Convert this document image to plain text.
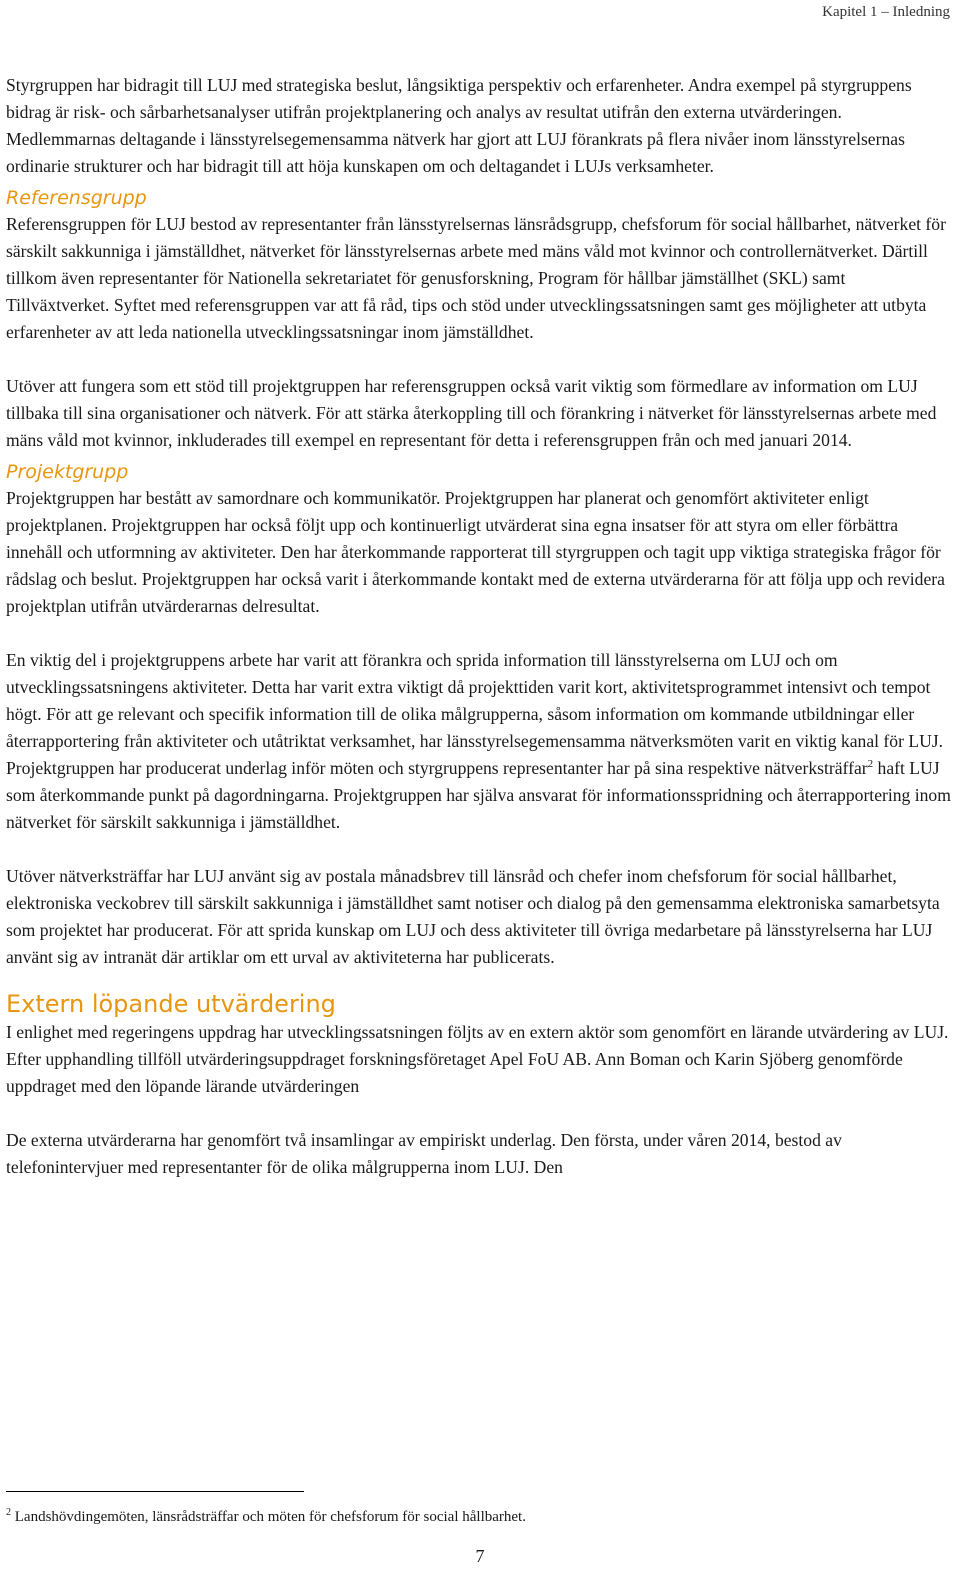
Kapitel 1 – Inledning

Styrgruppen har bidragit till LUJ med strategiska beslut, långsiktiga perspektiv och erfarenheter. Andra exempel på styrgruppens bidrag är risk- och sårbarhetsanalyser utifrån projektplanering och analys av resultat utifrån den externa utvärderingen. Medlemmarnas deltagande i länsstyrelsegemensamma nätverk har gjort att LUJ förankrats på flera nivåer inom länsstyrelsernas ordinarie strukturer och har bidragit till att höja kunskapen om och deltagandet i LUJs verksamheter.

Referensgrupp

Referensgruppen för LUJ bestod av representanter från länsstyrelsernas länsrådsgrupp, chefsforum för social hållbarhet, nätverket för särskilt sakkunniga i jämställdhet, nätverket för länsstyrelsernas arbete med mäns våld mot kvinnor och controllernätverket. Därtill tillkom även representanter för Nationella sekretariatet för genusforskning, Program för hållbar jämställhet (SKL) samt Tillväxtverket. Syftet med referensgruppen var att få råd, tips och stöd under utvecklingssatsningen samt ges möjligheter att utbyta erfarenheter av att leda nationella utvecklingssatsningar inom jämställdhet.

Utöver att fungera som ett stöd till projektgruppen har referensgruppen också varit viktig som förmedlare av information om LUJ tillbaka till sina organisationer och nätverk. För att stärka återkoppling till och förankring i nätverket för länsstyrelsernas arbete med mäns våld mot kvinnor, inkluderades till exempel en representant för detta i referensgruppen från och med januari 2014.

Projektgrupp

Projektgruppen har bestått av samordnare och kommunikatör. Projektgruppen har planerat och genomfört aktiviteter enligt projektplanen. Projektgruppen har också följt upp och kontinuerligt utvärderat sina egna insatser för att styra om eller förbättra innehåll och utformning av aktiviteter. Den har återkommande rapporterat till styrgruppen och tagit upp viktiga strategiska frågor för rådslag och beslut. Projektgruppen har också varit i återkommande kontakt med de externa utvärderarna för att följa upp och revidera projektplan utifrån utvärderarnas delresultat.

En viktig del i projektgruppens arbete har varit att förankra och sprida information till länsstyrelserna om LUJ och om utvecklingssatsningens aktiviteter. Detta har varit extra viktigt då projekttiden varit kort, aktivitetsprogrammet intensivt och tempot högt. För att ge relevant och specifik information till de olika målgrupperna, såsom information om kommande utbildningar eller återrapportering från aktiviteter och utåtriktat verksamhet, har länsstyrelsegemensamma nätverksmöten varit en viktig kanal för LUJ. Projektgruppen har producerat underlag inför möten och styrgruppens representanter har på sina respektive nätverksträffar$^2$ haft LUJ som återkommande punkt på dagordningarna. Projektgruppen har själva ansvarat för informationsspridning och återrapportering inom nätverket för särskilt sakkunniga i jämställdhet.

Utöver nätverksträffar har LUJ använt sig av postala månadsbrev till länsråd och chefer inom chefsforum för social hållbarhet, elektroniska veckobrev till särskilt sakkunniga i jämställdhet samt notiser och dialog på den gemensamma elektroniska samarbetsyta som projektet har producerat. För att sprida kunskap om LUJ och dess aktiviteter till övriga medarbetare på länsstyrelserna har LUJ använt sig av intranät där artiklar om ett urval av aktiviteterna har publicerats.

Extern löpande utvärdering

I enlighet med regeringens uppdrag har utvecklingssatsningen följts av en extern aktör som genomfört en lärande utvärdering av LUJ. Efter upphandling tillföll utvärderingsuppdraget forskningsföretaget Apel FoU AB. Ann Boman och Karin Sjöberg genomförde uppdraget med den löpande lärande utvärderingen

De externa utvärderarna har genomfört två insamlingar av empiriskt underlag. Den första, under våren 2014, bestod av telefonintervjuer med representanter för de olika målgrupperna inom LUJ. Den

$^2$ Landshövdingemöten, länsrådsträffar och möten för chefsforum för social hållbarhet.
7
